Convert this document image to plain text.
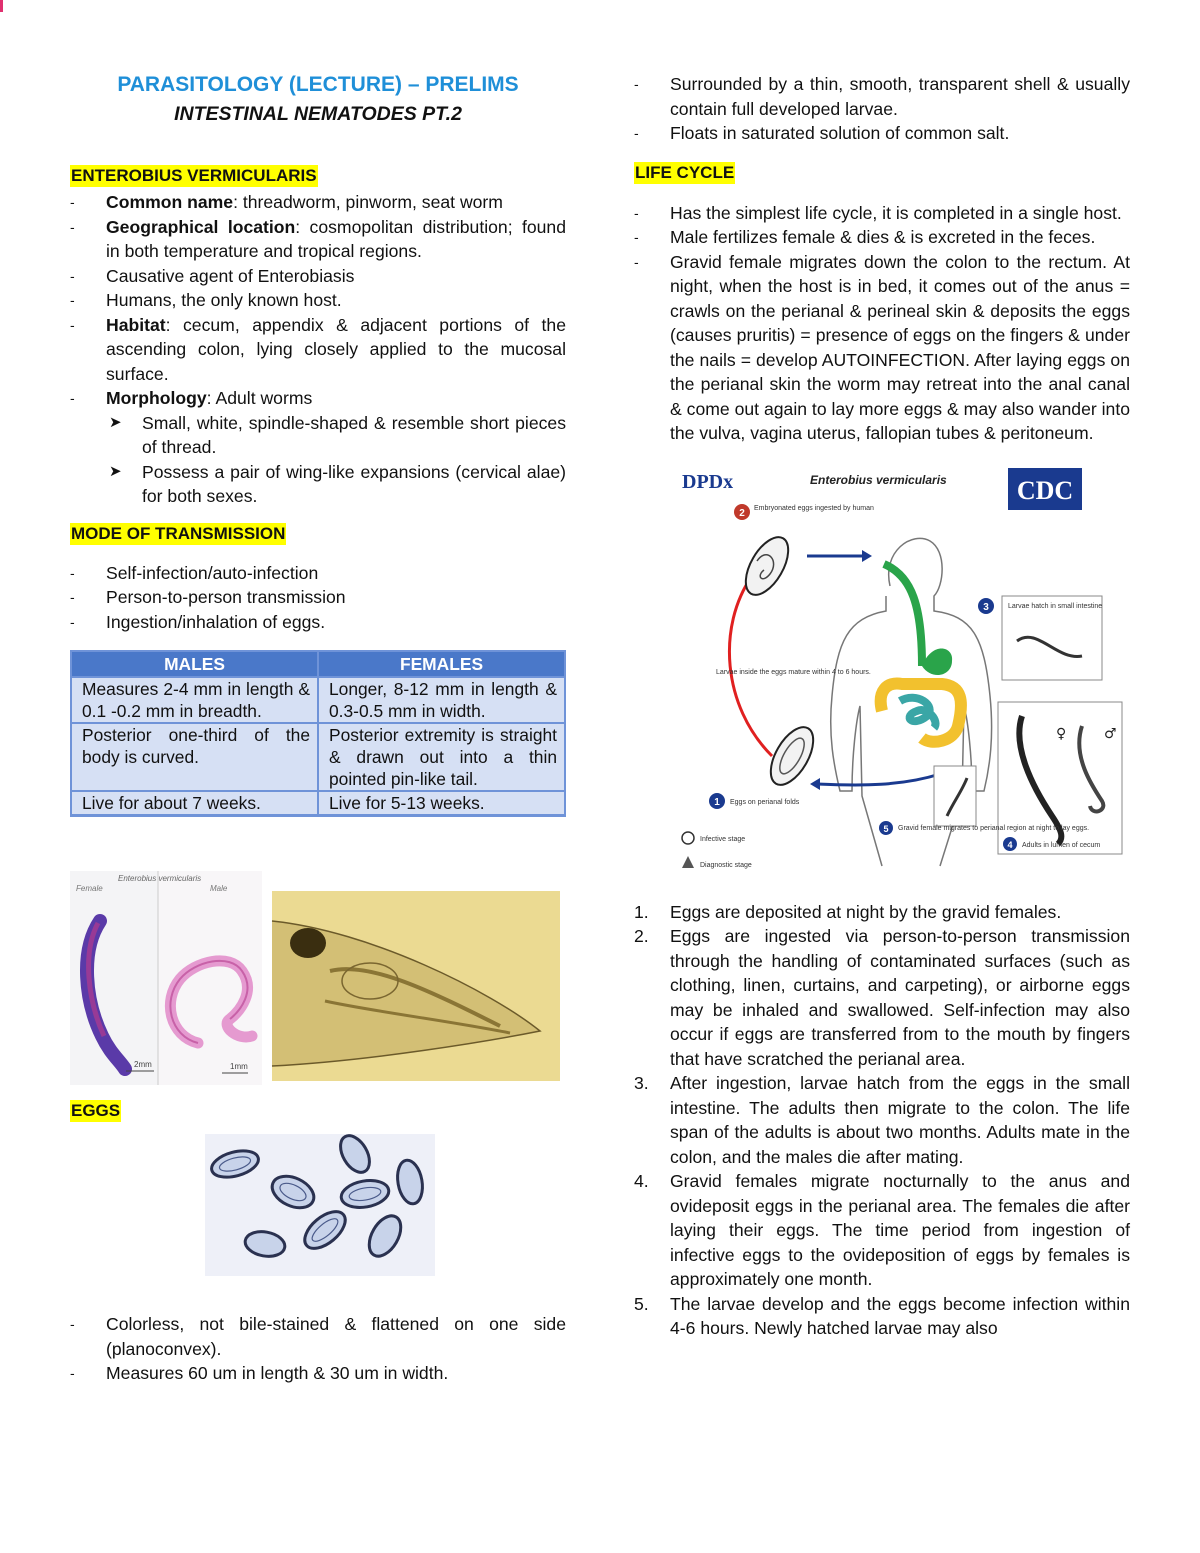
PARASITOLOGY (LECTURE) – PRELIMS
INTESTINAL NEMATODES PT.2
ENTEROBIUS VERMICULARIS
- Common name: threadworm, pinworm, seat worm
- Geographical location: cosmopolitan distribution; found in both temperature and tropical regions.
- Causative agent of Enterobiasis
- Humans, the only known host.
- Habitat: cecum, appendix & adjacent portions of the ascending colon, lying closely applied to the mucosal surface.
- Morphology: Adult worms
➤ Small, white, spindle-shaped & resemble short pieces of thread.
➤ Possess a pair of wing-like expansions (cervical alae) for both sexes.
MODE OF TRANSMISSION
- Self-infection/auto-infection
- Person-to-person transmission
- Ingestion/inhalation of eggs.
MALES	FEMALES
Measures 2-4 mm in length & 0.1 -0.2 mm in breadth.	Longer, 8-12 mm in length & 0.3-0.5 mm in width.
Posterior one-third of the body is curved.	Posterior extremity is straight & drawn out into a thin pointed pin-like tail.
Live for about 7 weeks.	Live for 5-13 weeks.
Enterobius vermicularis
Female	Male
2mm	1mm
EGGS
- Colorless, not bile-stained & flattened on one side (planoconvex).
- Measures 60 um in length & 30 um in width.
- Surrounded by a thin, smooth, transparent shell & usually contain full developed larvae.
- Floats in saturated solution of common salt.
LIFE CYCLE
- Has the simplest life cycle, it is completed in a single host.
- Male fertilizes female & dies & is excreted in the feces.
- Gravid female migrates down the colon to the rectum. At night, when the host is in bed, it comes out of the anus = crawls on the perianal & perineal skin & deposits the eggs (causes pruritis) = presence of eggs on the fingers & under the nails = develop AUTOINFECTION. After laying eggs on the perianal skin the worm may retreat into the anal canal & come out again to lay more eggs & may also wander into the vulva, vagina uterus, fallopian tubes & peritoneum.
DPDx	Enterobius vermicularis	CDC
2 Embryonated eggs ingested by human
1 Eggs on perianal folds
Larvae inside the eggs mature within 4 to 6 hours.
3	Larvae hatch in small intestine
♀	♂
4 Adults in lumen of cecum
5 Gravid female migrates to perianal region at night to lay eggs.
Infective stage
Diagnostic stage
1. Eggs are deposited at night by the gravid females.
2. Eggs are ingested via person-to-person transmission through the handling of contaminated surfaces (such as clothing, linen, curtains, and carpeting), or airborne eggs may be inhaled and swallowed. Self-infection may also occur if eggs are transferred from to the mouth by fingers that have scratched the perianal area.
3. After ingestion, larvae hatch from the eggs in the small intestine. The adults then migrate to the colon. The life span of the adults is about two months. Adults mate in the colon, and the males die after mating.
4. Gravid females migrate nocturnally to the anus and ovideposit eggs in the perianal area. The females die after laying their eggs. The time period from ingestion of infective eggs to the ovideposition of eggs by females is approximately one month.
5. The larvae develop and the eggs become infection within 4-6 hours. Newly hatched larvae may also
